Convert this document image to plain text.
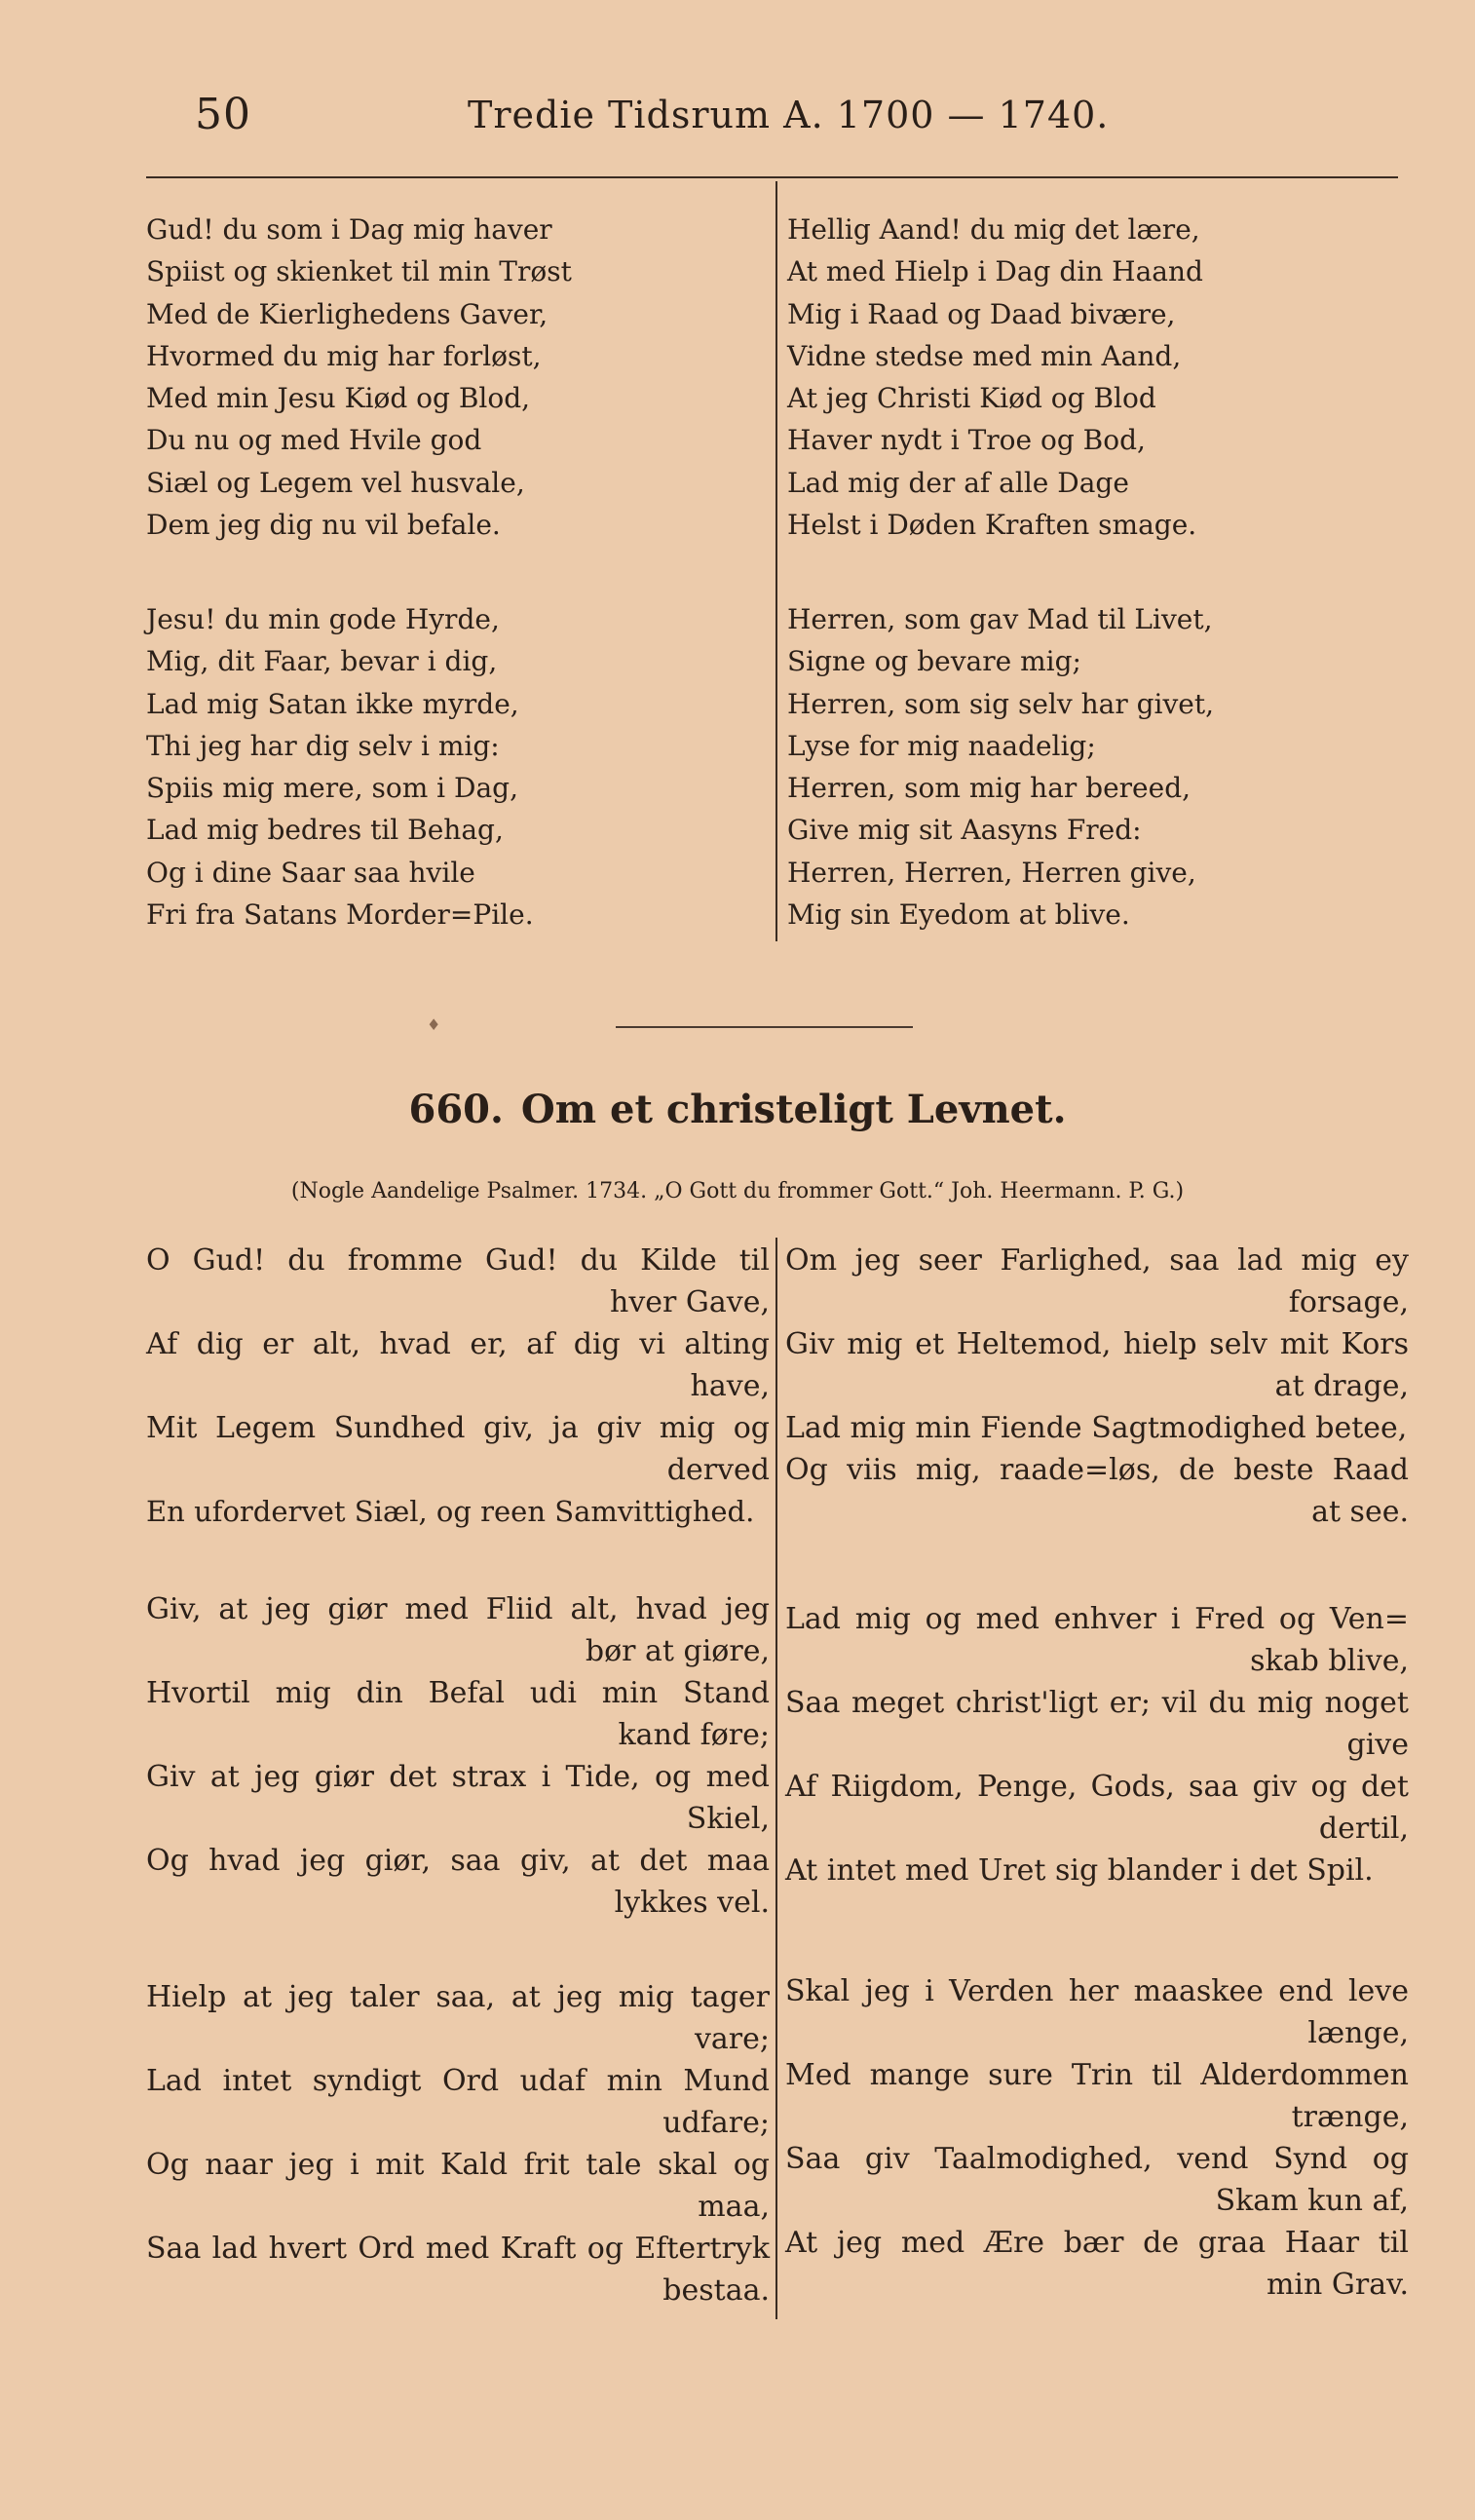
50	Tredie Tidsrum A. 1700 — 1740.
Gud! du som i Dag mig haver
Spiist og skienket til min Trøst
Med de Kierlighedens Gaver,
Hvormed du mig har forløst,
Med min Jesu Kiød og Blod,
Du nu og med Hvile god
Siæl og Legem vel husvale,
Dem jeg dig nu vil befale.
Jesu! du min gode Hyrde,
Mig, dit Faar, bevar i dig,
Lad mig Satan ikke myrde,
Thi jeg har dig selv i mig:
Spiis mig mere, som i Dag,
Lad mig bedres til Behag,
Og i dine Saar saa hvile
Fri fra Satans Morder=Pile.
Hellig Aand! du mig det lære,
At med Hielp i Dag din Haand
Mig i Raad og Daad bivære,
Vidne stedse med min Aand,
At jeg Christi Kiød og Blod
Haver nydt i Troe og Bod,
Lad mig der af alle Dage
Helst i Døden Kraften smage.
Herren, som gav Mad til Livet,
Signe og bevare mig;
Herren, som sig selv har givet,
Lyse for mig naadelig;
Herren, som mig har bereed,
Give mig sit Aasyns Fred:
Herren, Herren, Herren give,
Mig sin Eyedom at blive.
♦
660. Om et christeligt Levnet.
(Nogle Aandelige Psalmer. 1734. „O Gott du frommer Gott.“ Joh. Heermann. P. G.)
O Gud! du fromme Gud! du Kilde til
hver Gave,
Af dig er alt, hvad er, af dig vi alting
have,
Mit Legem Sundhed giv, ja giv mig og
derved
En ufordervet Siæl, og reen Samvittighed.
Giv, at jeg giør med Fliid alt, hvad jeg
bør at giøre,
Hvortil mig din Befal udi min Stand
kand føre;
Giv at jeg giør det strax i Tide, og med
Skiel,
Og hvad jeg giør, saa giv, at det maa
lykkes vel.
Hielp at jeg taler saa, at jeg mig tager
vare;
Lad intet syndigt Ord udaf min Mund
udfare;
Og naar jeg i mit Kald frit tale skal og
maa,
Saa lad hvert Ord med Kraft og Eftertryk
bestaa.
Om jeg seer Farlighed, saa lad mig ey
forsage,
Giv mig et Heltemod, hielp selv mit Kors
at drage,
Lad mig min Fiende Sagtmodighed betee,
Og viis mig, raade=løs, de beste Raad
at see.
Lad mig og med enhver i Fred og Ven=
skab blive,
Saa meget christ'ligt er; vil du mig noget
give
Af Riigdom, Penge, Gods, saa giv og det
dertil,
At intet med Uret sig blander i det Spil.
Skal jeg i Verden her maaskee end leve
længe,
Med mange sure Trin til Alderdommen
trænge,
Saa giv Taalmodighed, vend Synd og
Skam kun af,
At jeg med Ære bær de graa Haar til
min Grav.
